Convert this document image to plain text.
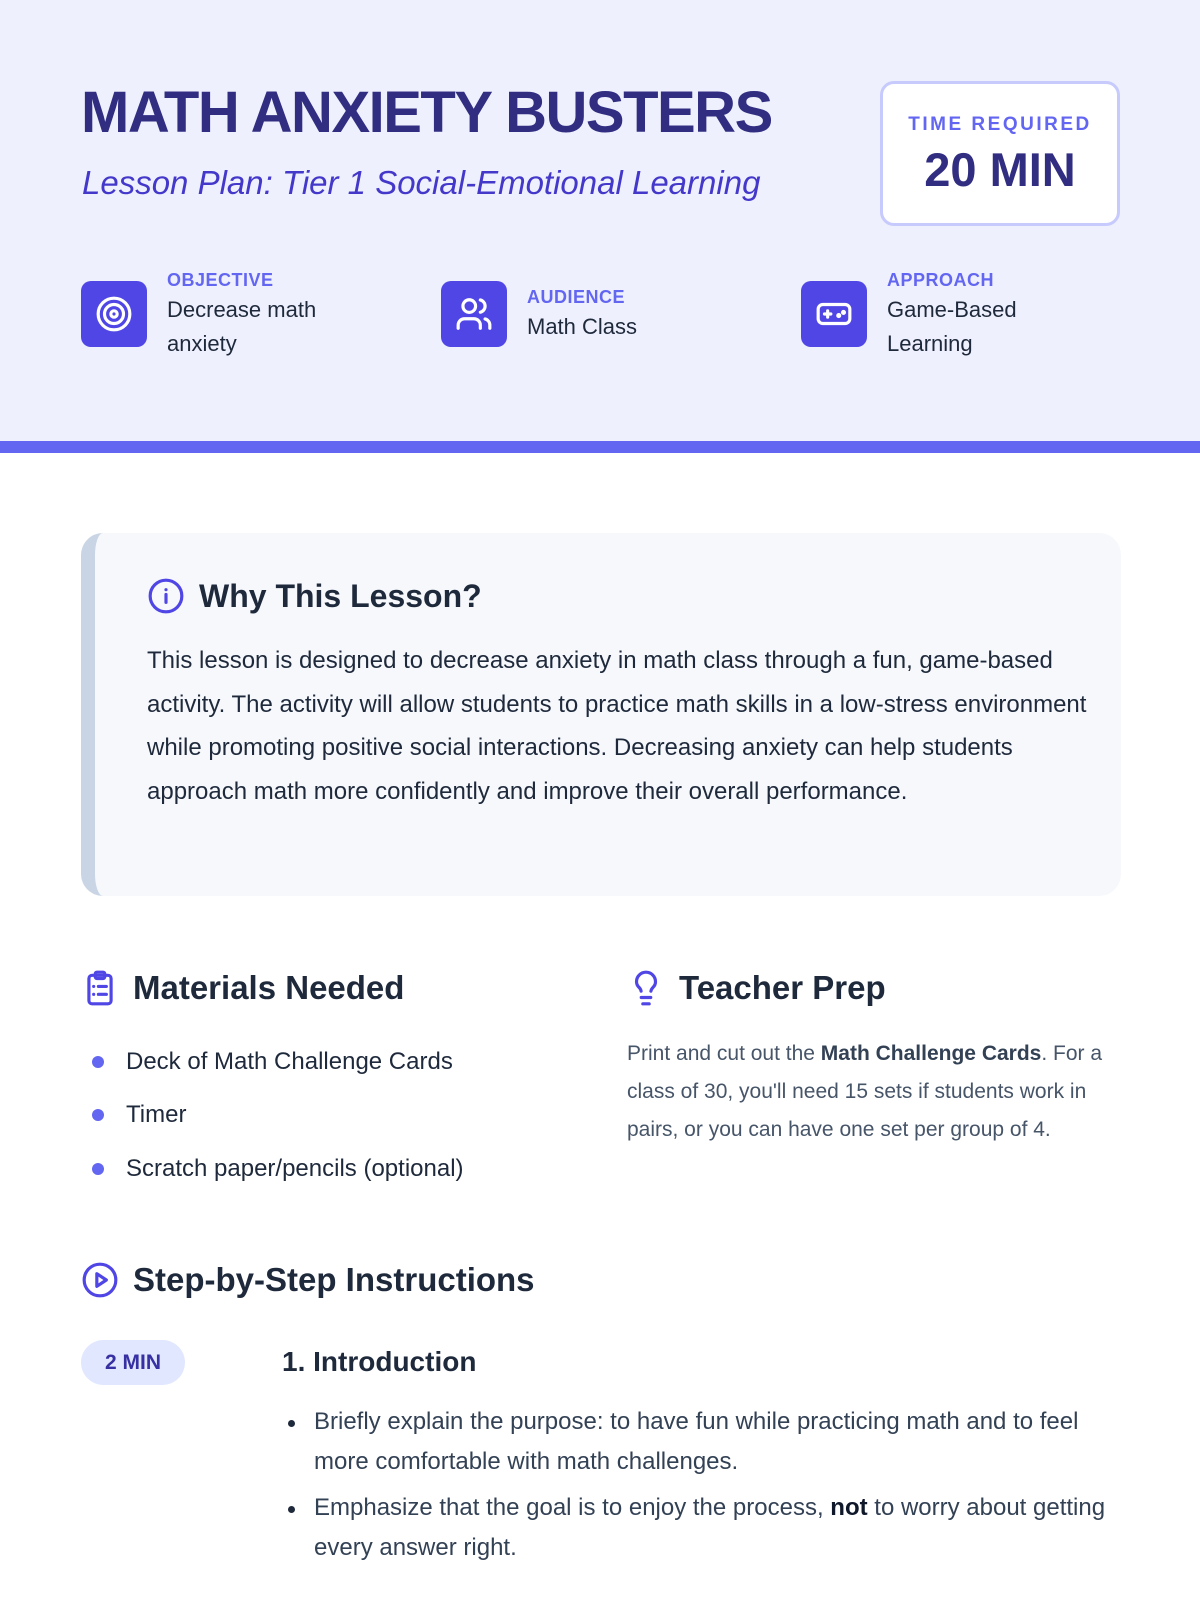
MATH ANXIETY BUSTERS
Lesson Plan: Tier 1 Social-Emotional Learning
TIME REQUIRED
20 MIN
OBJECTIVE
Decrease math anxiety
AUDIENCE
Math Class
APPROACH
Game-Based Learning
Why This Lesson?

This lesson is designed to decrease anxiety in math class through a fun, game-based activity. The activity will allow students to practice math skills in a low-stress environment while promoting positive social interactions. Decreasing anxiety can help students approach math more confidently and improve their overall performance.

Materials Needed
Deck of Math Challenge Cards
Timer
Scratch paper/pencils (optional)
Teacher Prep

Print and cut out the Math Challenge Cards. For a class of 30, you'll need 15 sets if students work in pairs, or you can have one set per group of 4.

Step-by-Step Instructions
2 MIN	1. Introduction
Briefly explain the purpose: to have fun while practicing math and to feel more comfortable with math challenges.
Emphasize that the goal is to enjoy the process, not to worry about getting every answer right.
